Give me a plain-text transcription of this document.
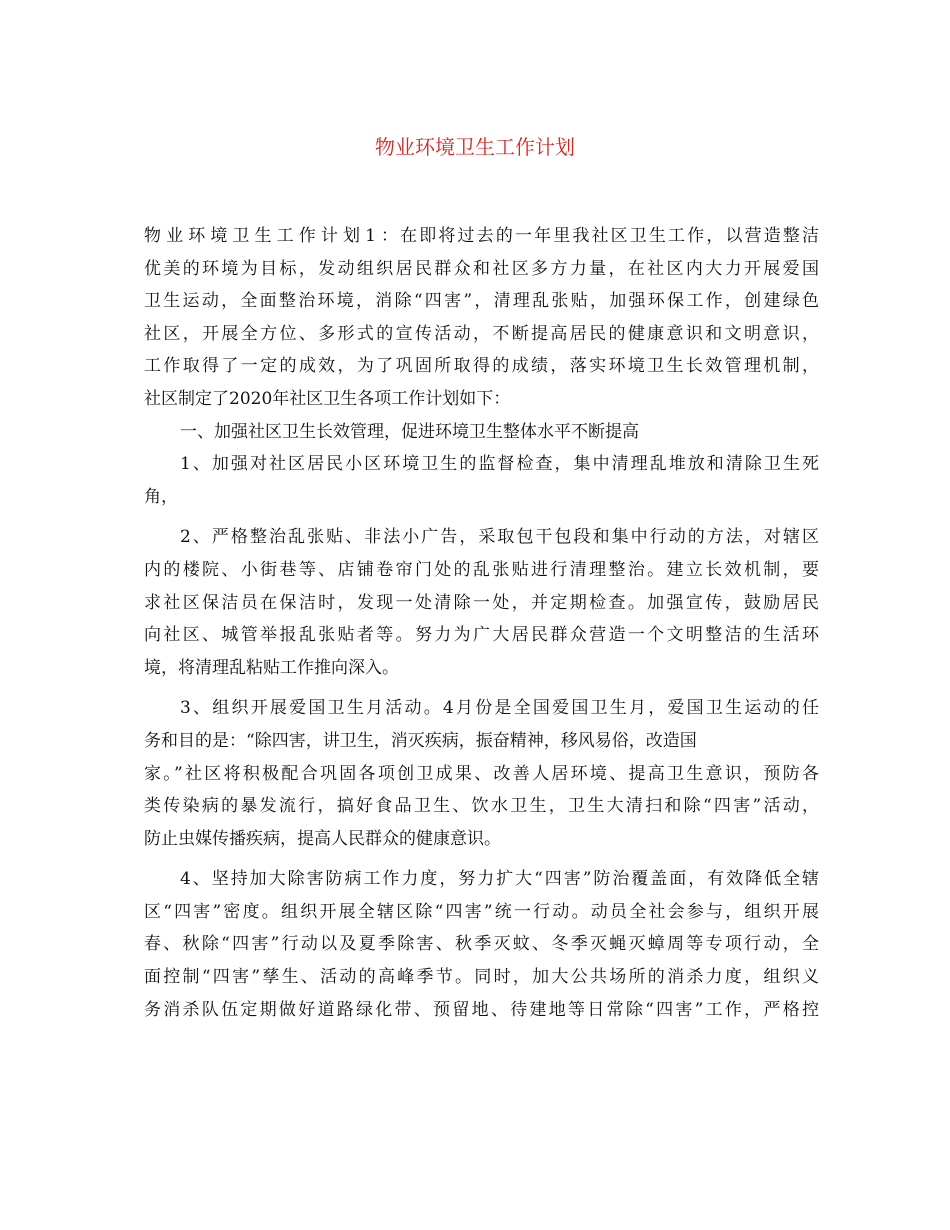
物业环境卫生工作计划
物业环境卫生工作计划1：在即将过去的一年里我社区卫生工作，以营造整洁
优美的环境为目标，发动组织居民群众和社区多方力量，在社区内大力开展爱国
卫生运动，全面整治环境，消除“四害”，清理乱张贴，加强环保工作，创建绿色
社区，开展全方位、多形式的宣传活动，不断提高居民的健康意识和文明意识，
工作取得了一定的成效，为了巩固所取得的成绩，落实环境卫生长效管理机制，
社区制定了2020年社区卫生各项工作计划如下：
一、加强社区卫生长效管理，促进环境卫生整体水平不断提高
1、加强对社区居民小区环境卫生的监督检查，集中清理乱堆放和清除卫生死
角，
2、严格整治乱张贴、非法小广告，采取包干包段和集中行动的方法，对辖区
内的楼院、小街巷等、店铺卷帘门处的乱张贴进行清理整治。建立长效机制，要
求社区保洁员在保洁时，发现一处清除一处，并定期检查。加强宣传，鼓励居民
向社区、城管举报乱张贴者等。努力为广大居民群众营造一个文明整洁的生活环
境，将清理乱粘贴工作推向深入。
3、组织开展爱国卫生月活动。4月份是全国爱国卫生月，爱国卫生运动的任
务和目的是：“除四害，讲卫生，消灭疾病，振奋精神，移风易俗，改造国
家。”社区将积极配合巩固各项创卫成果、改善人居环境、提高卫生意识，预防各
类传染病的暴发流行，搞好食品卫生、饮水卫生，卫生大清扫和除“四害”活动，
防止虫媒传播疾病，提高人民群众的健康意识。
4、坚持加大除害防病工作力度，努力扩大“四害”防治覆盖面，有效降低全辖
区“四害”密度。组织开展全辖区除“四害”统一行动。动员全社会参与，组织开展
春、秋除“四害”行动以及夏季除害、秋季灭蚊、冬季灭蝇灭蟑周等专项行动，全
面控制“四害”孳生、活动的高峰季节。同时，加大公共场所的消杀力度，组织义
务消杀队伍定期做好道路绿化带、预留地、待建地等日常除“四害”工作，严格控
